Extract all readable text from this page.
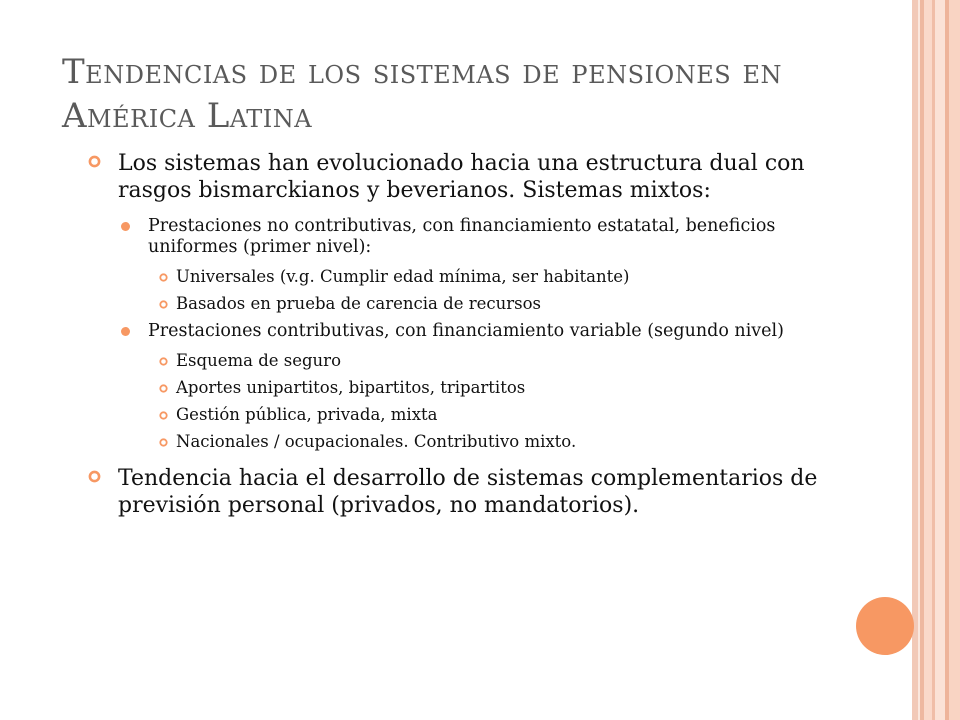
Tendencias de los sistemas de pensiones en América Latina
Los sistemas han evolucionado hacia una estructura dual con rasgos bismarckianos y beverianos. Sistemas mixtos:
Prestaciones no contributivas, con financiamiento estatatal, beneficios uniformes (primer nivel):
Universales (v.g. Cumplir edad mínima, ser habitante)
Basados en prueba de carencia de recursos
Prestaciones contributivas, con financiamiento variable (segundo nivel)
Esquema de seguro
Aportes unipartitos, bipartitos, tripartitos
Gestión pública, privada, mixta
Nacionales / ocupacionales. Contributivo mixto.
Tendencia hacia el desarrollo de sistemas complementarios de previsión personal (privados, no mandatorios).
